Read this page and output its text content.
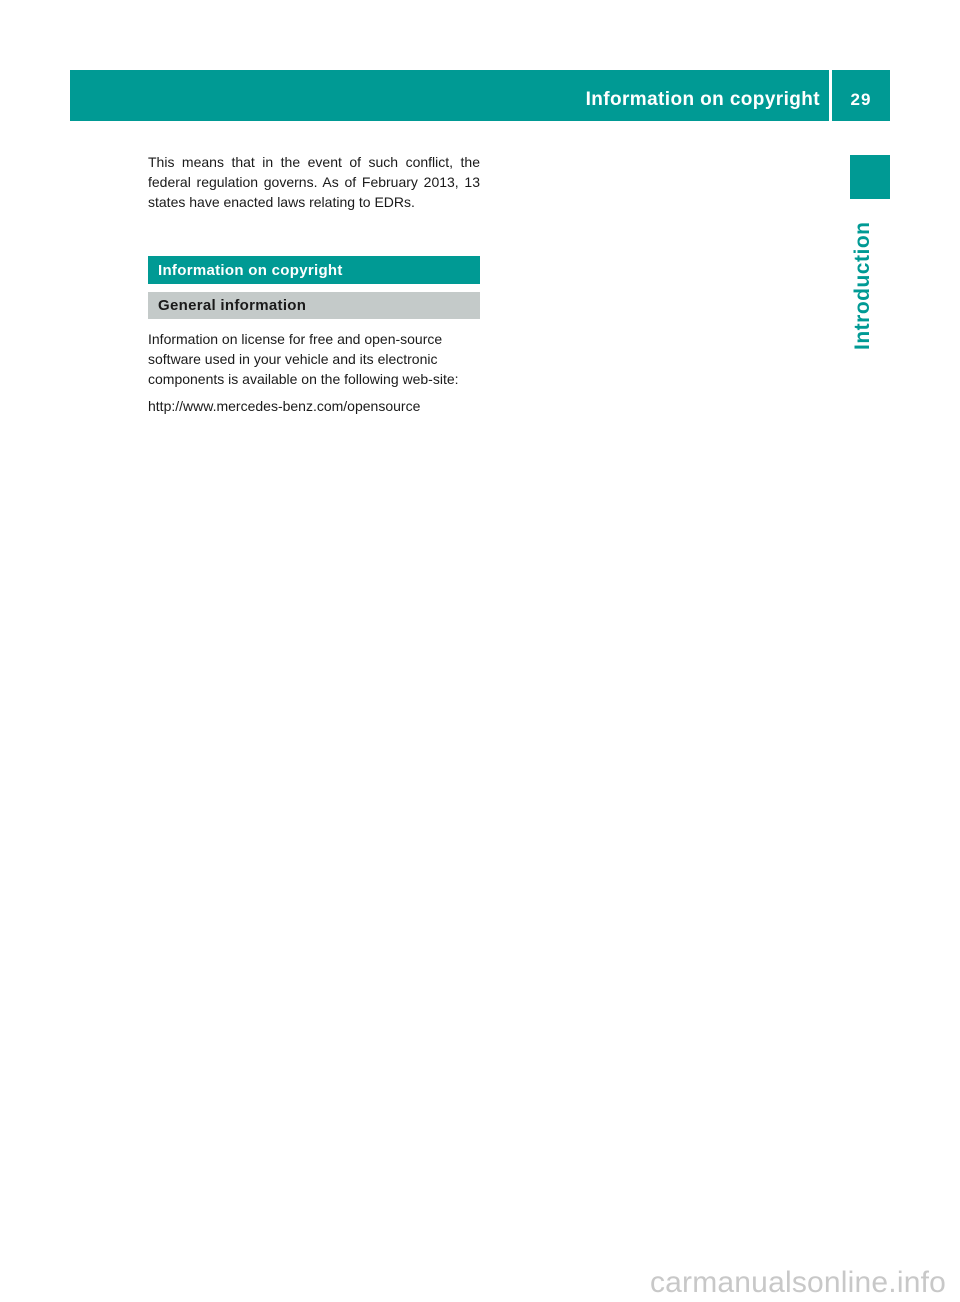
Information on copyright	29
Introduction

This means that in the event of such conflict, the federal regulation governs. As of February 2013, 13 states have enacted laws relating to EDRs.

Information on copyright
General information

Information on license for free and open-source software used in your vehicle and its electronic components is available on the following web-site:

http://www.mercedes-benz.com/opensource

carmanualsonline.info
